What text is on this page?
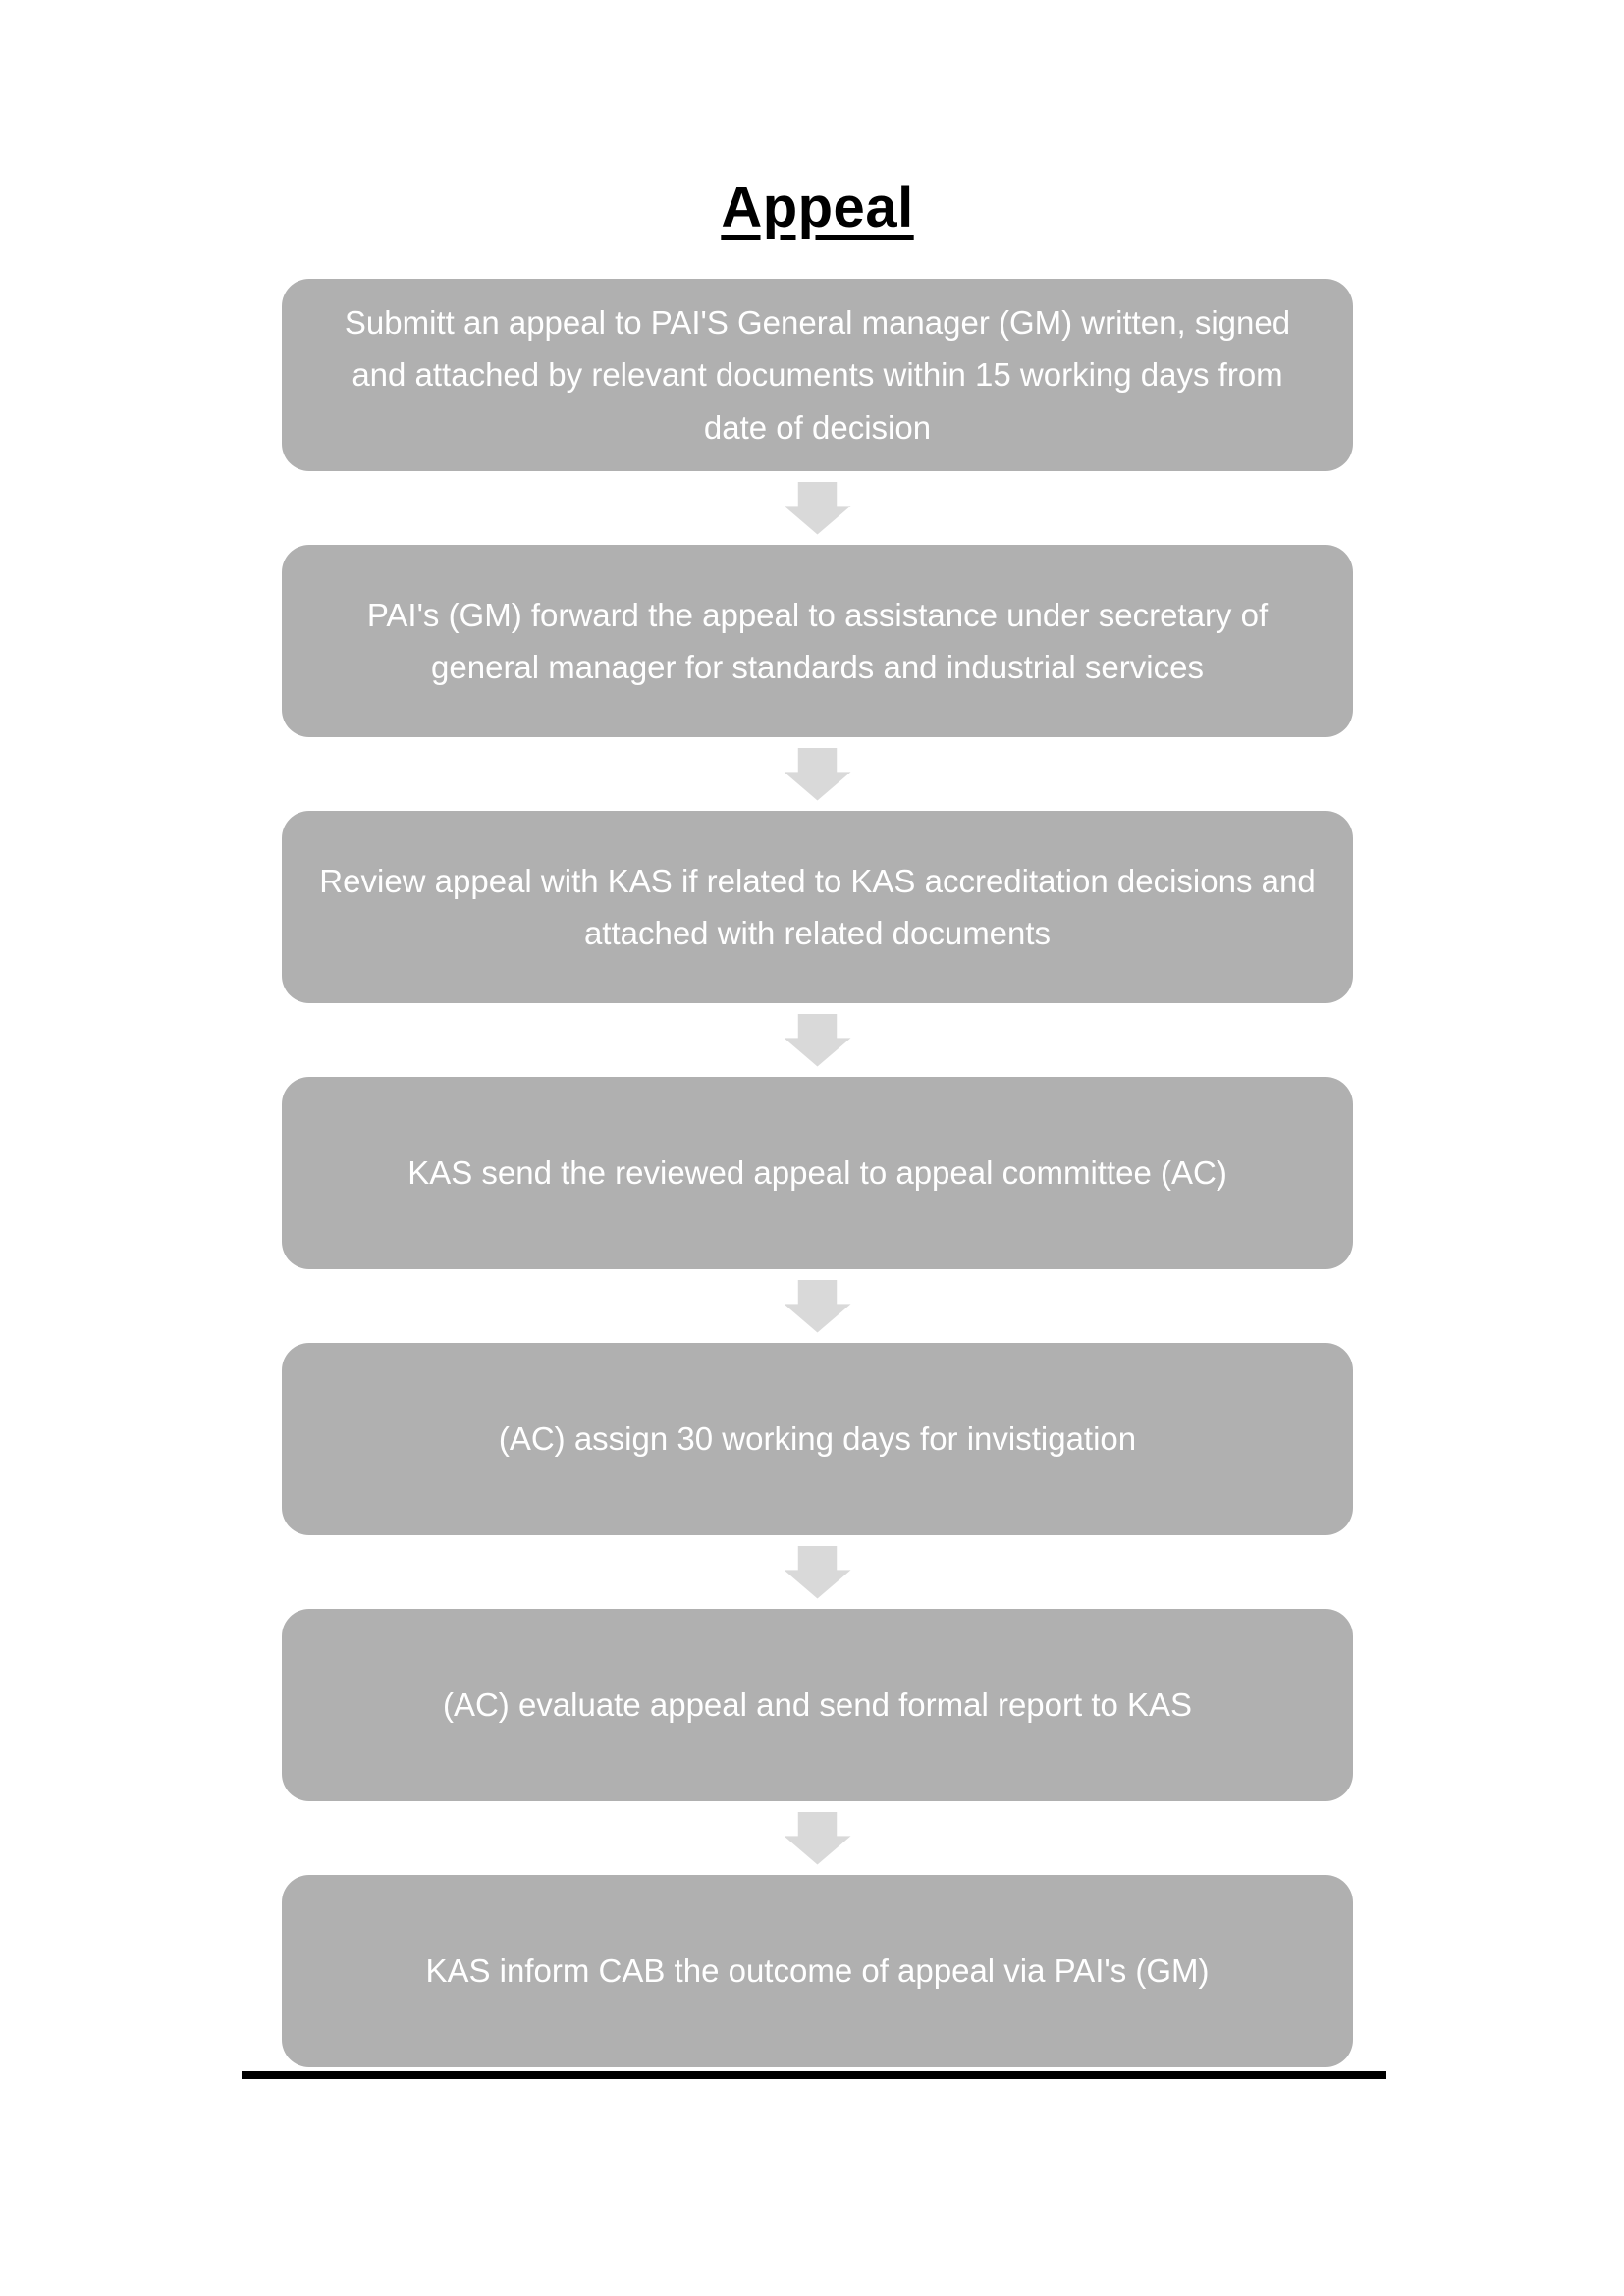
Appeal
Submitt an appeal to PAI'S General manager (GM) written, signed and attached by relevant documents within 15 working days from date of decision
PAI's (GM) forward the appeal to assistance under secretary of general manager for standards and industrial services
Review appeal with KAS if related to KAS accreditation decisions and attached with related documents
KAS send the reviewed appeal to appeal committee (AC)
(AC) assign 30 working days for invistigation
(AC) evaluate appeal and send formal report to KAS
KAS inform CAB the outcome of appeal via PAI's (GM)
